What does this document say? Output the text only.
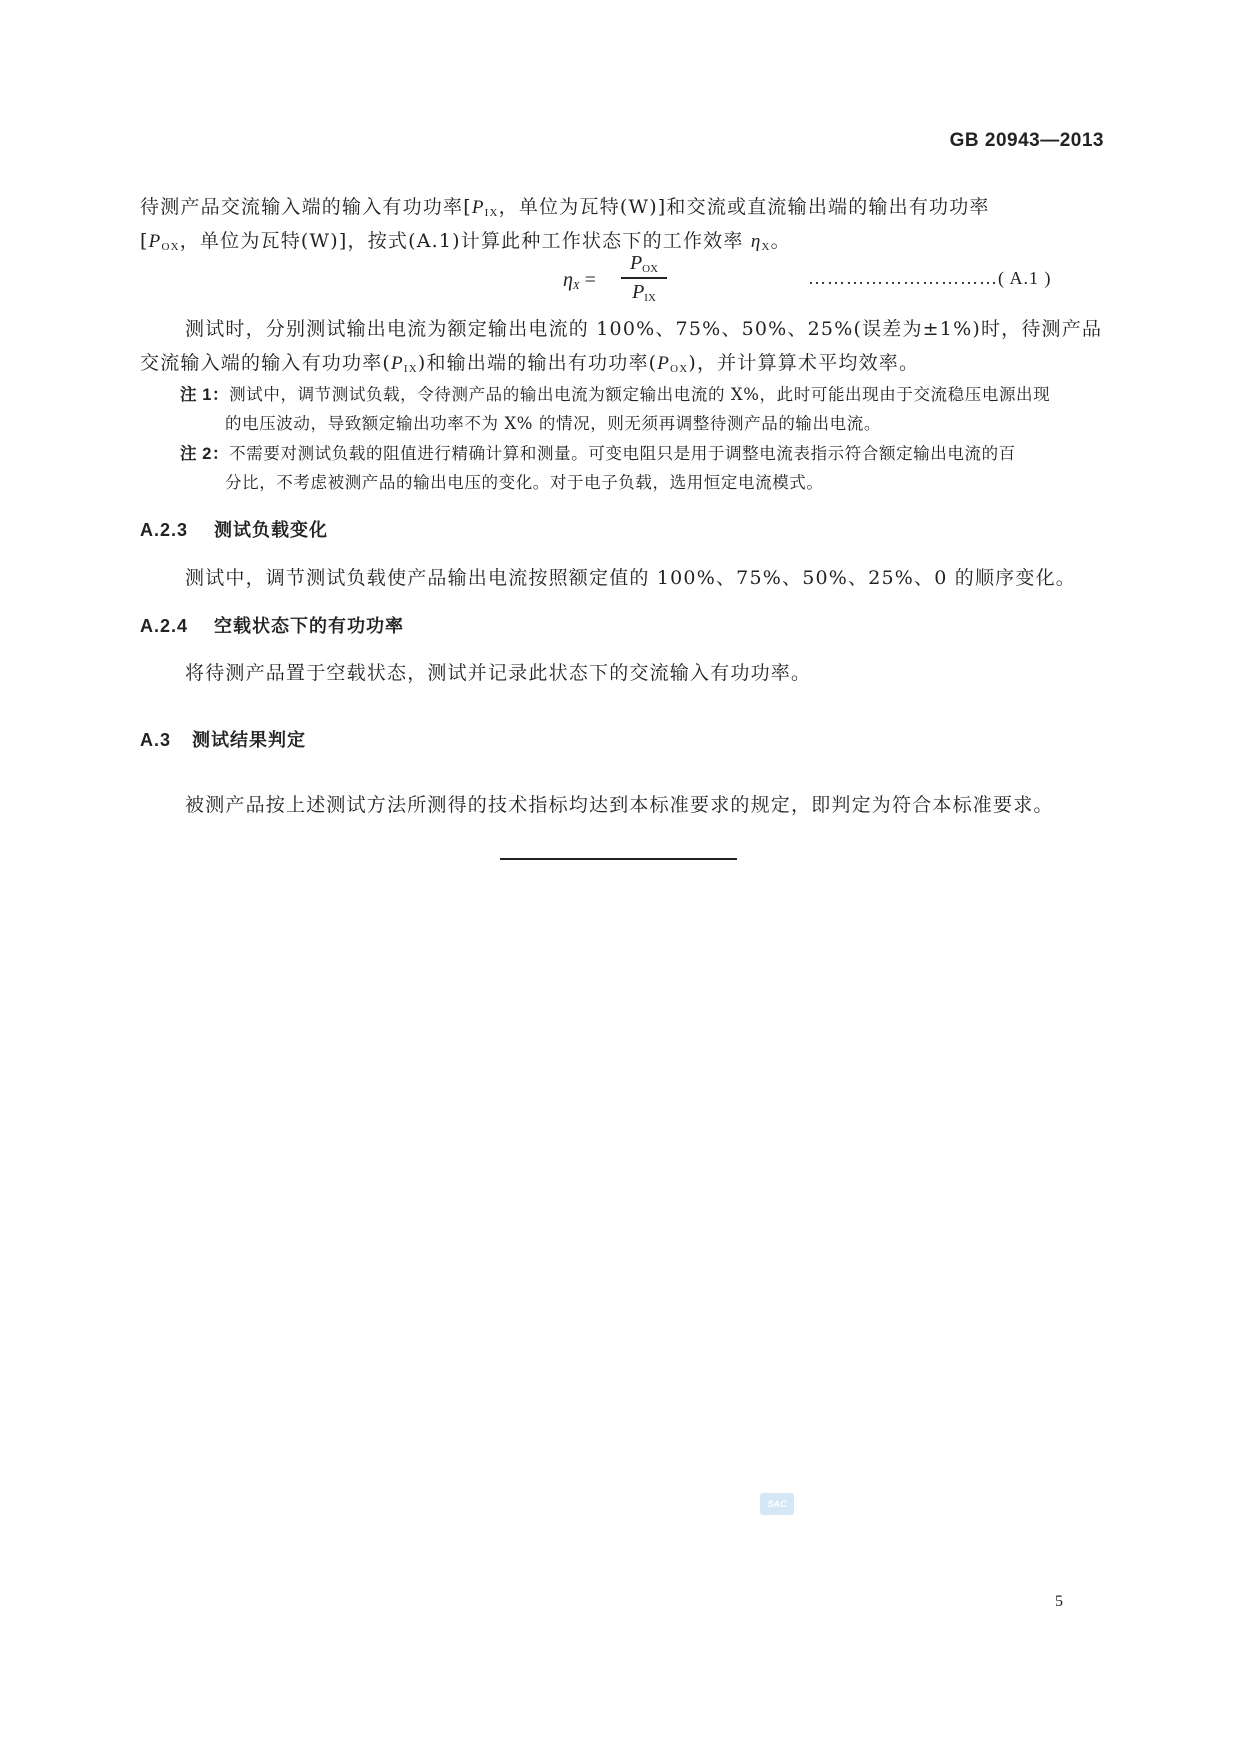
GB 20943—2013
待测产品交流输入端的输入有功功率[$P_{IX}$，单位为瓦特(W)]和交流或直流输出端的输出有功功率
[$P_{OX}$，单位为瓦特(W)]，按式(A.1)计算此种工作状态下的工作效率 $\eta_X$。
$\eta_X$ =
$P_{OX}$
$P_{IX}$
…………………………( A.1 )
测试时，分别测试输出电流为额定输出电流的 100%、75%、50%、25%(误差为±1%)时，待测产品
交流输入端的输入有功功率$(P_{IX})$和输出端的输出有功功率$(P_{OX})$，并计算算术平均效率。
注 1：测试中，调节测试负载，令待测产品的输出电流为额定输出电流的 X%，此时可能出现由于交流稳压电源出现
的电压波动，导致额定输出功率不为 X% 的情况，则无须再调整待测产品的输出电流。
注 2：不需要对测试负载的阻值进行精确计算和测量。可变电阻只是用于调整电流表指示符合额定输出电流的百
分比，不考虑被测产品的输出电压的变化。对于电子负载，选用恒定电流模式。
A.2.3 测试负载变化
测试中，调节测试负载使产品输出电流按照额定值的 100%、75%、50%、25%、0 的顺序变化。
A.2.4 空载状态下的有功功率
将待测产品置于空载状态，测试并记录此状态下的交流输入有功功率。
A.3 测试结果判定
被测产品按上述测试方法所测得的技术指标均达到本标准要求的规定，即判定为符合本标准要求。
SAC
5
